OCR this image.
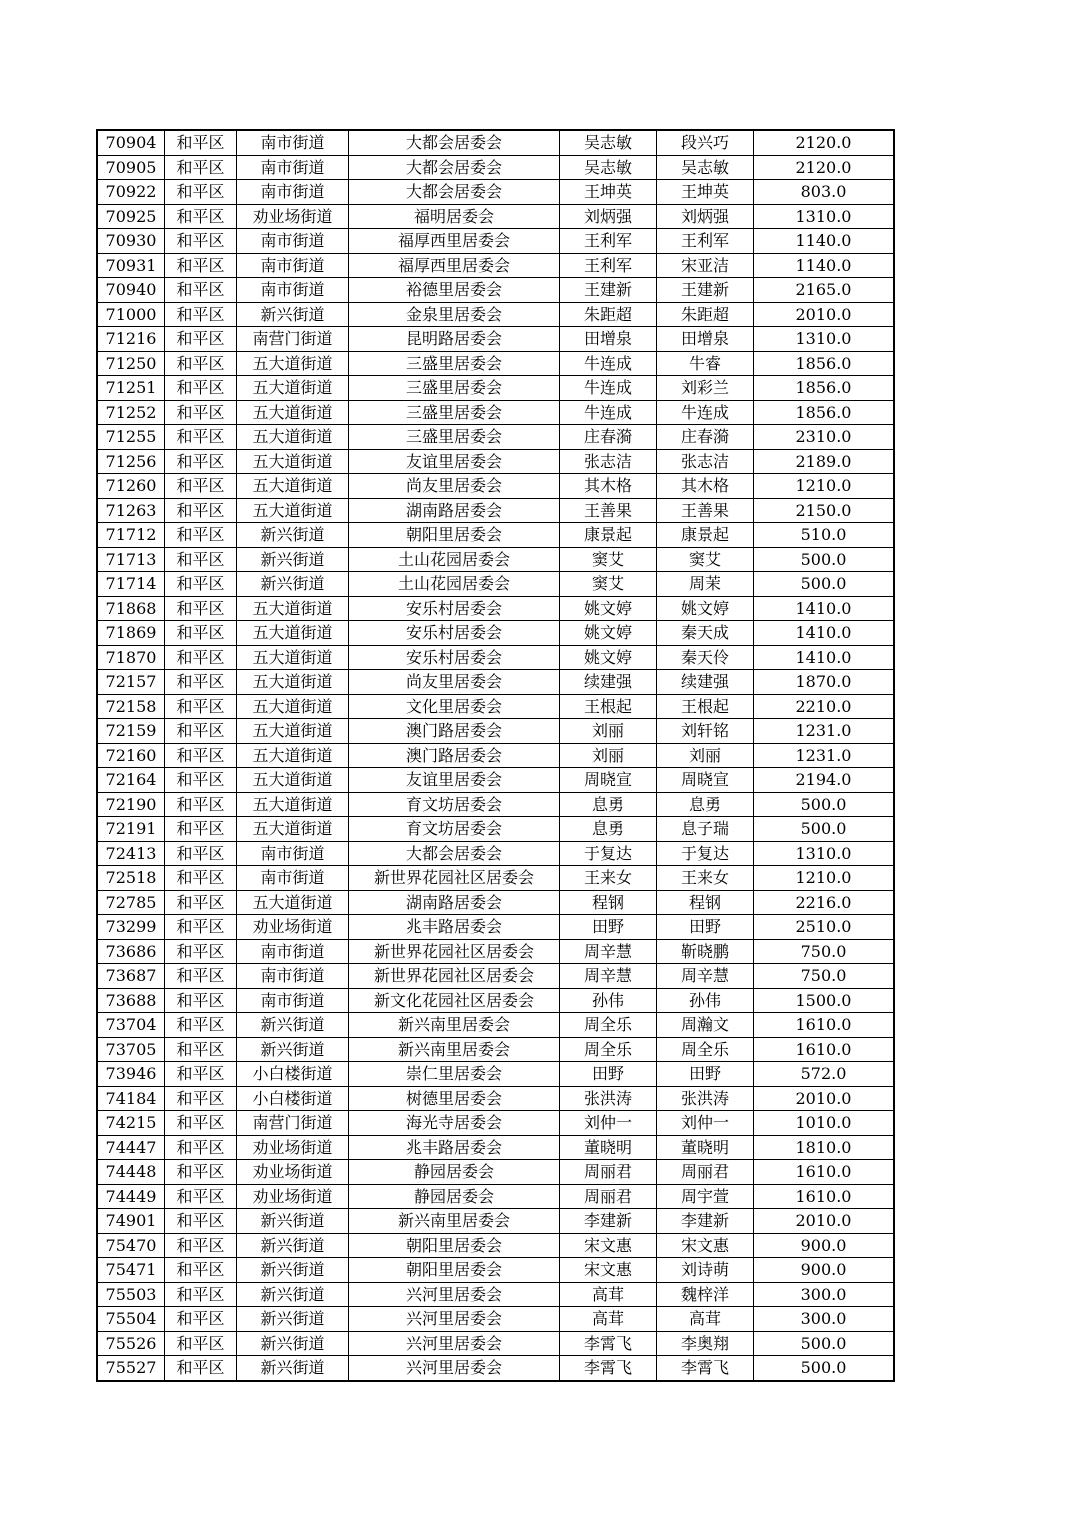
70904	和平区	南市街道	大都会居委会	吴志敏	段兴巧	2120.0
70905	和平区	南市街道	大都会居委会	吴志敏	吴志敏	2120.0
70922	和平区	南市街道	大都会居委会	王坤英	王坤英	803.0
70925	和平区	劝业场街道	福明居委会	刘炳强	刘炳强	1310.0
70930	和平区	南市街道	福厚西里居委会	王利军	王利军	1140.0
70931	和平区	南市街道	福厚西里居委会	王利军	宋亚洁	1140.0
70940	和平区	南市街道	裕德里居委会	王建新	王建新	2165.0
71000	和平区	新兴街道	金泉里居委会	朱距超	朱距超	2010.0
71216	和平区	南营门街道	昆明路居委会	田增泉	田增泉	1310.0
71250	和平区	五大道街道	三盛里居委会	牛连成	牛睿	1856.0
71251	和平区	五大道街道	三盛里居委会	牛连成	刘彩兰	1856.0
71252	和平区	五大道街道	三盛里居委会	牛连成	牛连成	1856.0
71255	和平区	五大道街道	三盛里居委会	庄春漪	庄春漪	2310.0
71256	和平区	五大道街道	友谊里居委会	张志洁	张志洁	2189.0
71260	和平区	五大道街道	尚友里居委会	其木格	其木格	1210.0
71263	和平区	五大道街道	湖南路居委会	王善果	王善果	2150.0
71712	和平区	新兴街道	朝阳里居委会	康景起	康景起	510.0
71713	和平区	新兴街道	土山花园居委会	窦艾	窦艾	500.0
71714	和平区	新兴街道	土山花园居委会	窦艾	周茉	500.0
71868	和平区	五大道街道	安乐村居委会	姚文婷	姚文婷	1410.0
71869	和平区	五大道街道	安乐村居委会	姚文婷	秦天成	1410.0
71870	和平区	五大道街道	安乐村居委会	姚文婷	秦天伶	1410.0
72157	和平区	五大道街道	尚友里居委会	续建强	续建强	1870.0
72158	和平区	五大道街道	文化里居委会	王根起	王根起	2210.0
72159	和平区	五大道街道	澳门路居委会	刘丽	刘轩铭	1231.0
72160	和平区	五大道街道	澳门路居委会	刘丽	刘丽	1231.0
72164	和平区	五大道街道	友谊里居委会	周晓宣	周晓宣	2194.0
72190	和平区	五大道街道	育文坊居委会	息勇	息勇	500.0
72191	和平区	五大道街道	育文坊居委会	息勇	息子瑞	500.0
72413	和平区	南市街道	大都会居委会	于复达	于复达	1310.0
72518	和平区	南市街道	新世界花园社区居委会	王来女	王来女	1210.0
72785	和平区	五大道街道	湖南路居委会	程钢	程钢	2216.0
73299	和平区	劝业场街道	兆丰路居委会	田野	田野	2510.0
73686	和平区	南市街道	新世界花园社区居委会	周辛慧	靳晓鹏	750.0
73687	和平区	南市街道	新世界花园社区居委会	周辛慧	周辛慧	750.0
73688	和平区	南市街道	新文化花园社区居委会	孙伟	孙伟	1500.0
73704	和平区	新兴街道	新兴南里居委会	周全乐	周瀚文	1610.0
73705	和平区	新兴街道	新兴南里居委会	周全乐	周全乐	1610.0
73946	和平区	小白楼街道	崇仁里居委会	田野	田野	572.0
74184	和平区	小白楼街道	树德里居委会	张洪涛	张洪涛	2010.0
74215	和平区	南营门街道	海光寺居委会	刘仲一	刘仲一	1010.0
74447	和平区	劝业场街道	兆丰路居委会	董晓明	董晓明	1810.0
74448	和平区	劝业场街道	静园居委会	周丽君	周丽君	1610.0
74449	和平区	劝业场街道	静园居委会	周丽君	周宇萱	1610.0
74901	和平区	新兴街道	新兴南里居委会	李建新	李建新	2010.0
75470	和平区	新兴街道	朝阳里居委会	宋文惠	宋文惠	900.0
75471	和平区	新兴街道	朝阳里居委会	宋文惠	刘诗萌	900.0
75503	和平区	新兴街道	兴河里居委会	高茸	魏梓洋	300.0
75504	和平区	新兴街道	兴河里居委会	高茸	高茸	300.0
75526	和平区	新兴街道	兴河里居委会	李霄飞	李奥翔	500.0
75527	和平区	新兴街道	兴河里居委会	李霄飞	李霄飞	500.0
